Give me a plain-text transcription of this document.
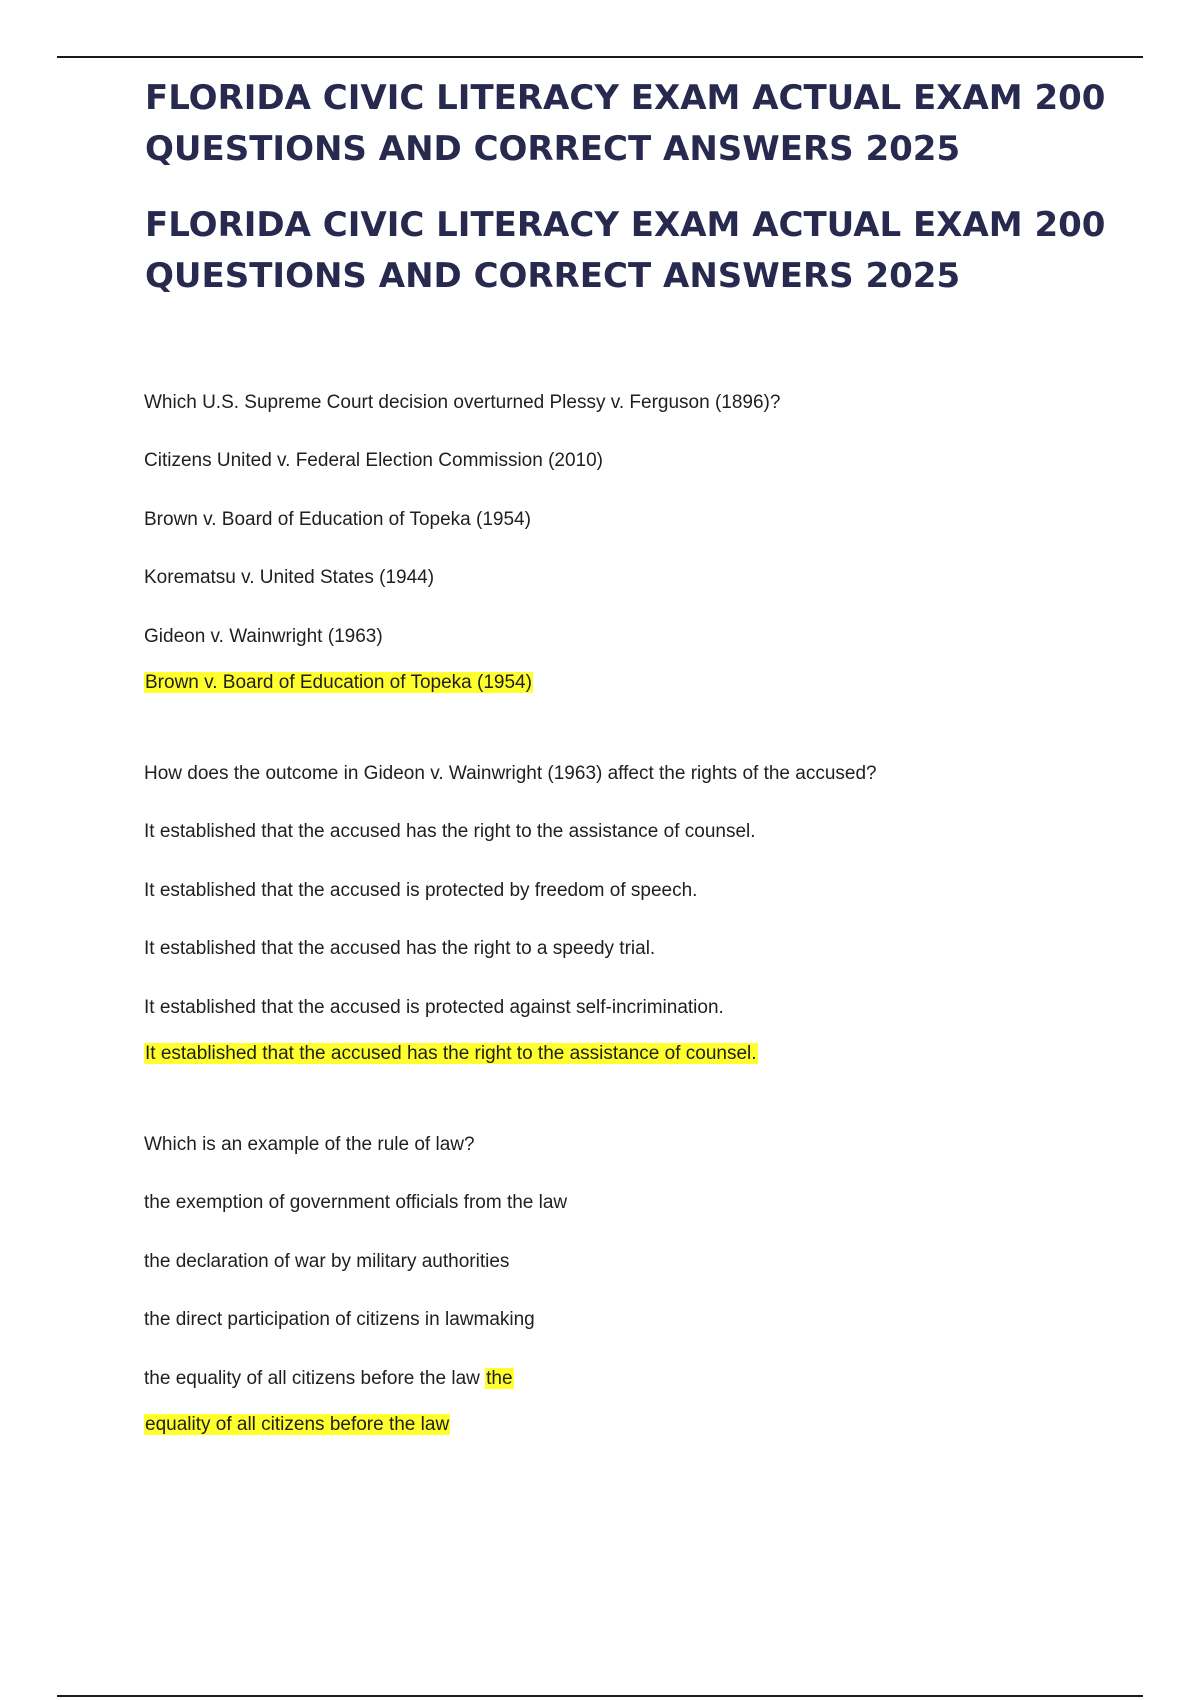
FLORIDA CIVIC LITERACY EXAM ACTUAL EXAM 200 QUESTIONS AND CORRECT ANSWERS 2025
FLORIDA CIVIC LITERACY EXAM ACTUAL EXAM 200 QUESTIONS AND CORRECT ANSWERS 2025
Which U.S. Supreme Court decision overturned Plessy v. Ferguson (1896)?
Citizens United v. Federal Election Commission (2010)
Brown v. Board of Education of Topeka (1954)
Korematsu v. United States (1944)
Gideon v. Wainwright (1963)
Brown v. Board of Education of Topeka (1954)
How does the outcome in Gideon v. Wainwright (1963) affect the rights of the accused?
It established that the accused has the right to the assistance of counsel.
It established that the accused is protected by freedom of speech.
It established that the accused has the right to a speedy trial.
It established that the accused is protected against self-incrimination.
It established that the accused has the right to the assistance of counsel.
Which is an example of the rule of law?
the exemption of government officials from the law
the declaration of war by military authorities
the direct participation of citizens in lawmaking
the equality of all citizens before the law the
equality of all citizens before the law
